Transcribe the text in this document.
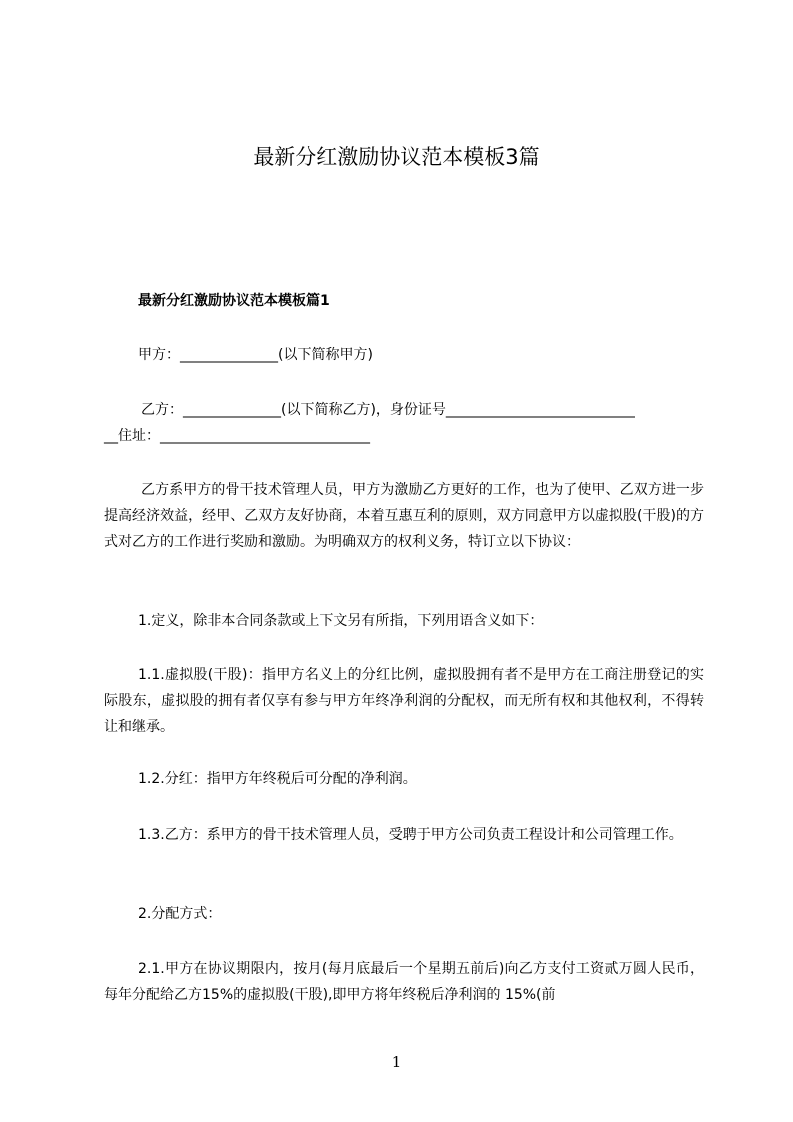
最新分红激励协议范本模板3篇
最新分红激励协议范本模板篇1
甲方：______________(以下简称甲方)
乙方：______________(以下简称乙方)，身份证号___________________________
__住址：______________________________
乙方系甲方的骨干技术管理人员，甲方为激励乙方更好的工作，也为了使甲、乙双方进一步提高经济效益，经甲、乙双方友好协商，本着互惠互利的原则，双方同意甲方以虚拟股(干股)的方式对乙方的工作进行奖励和激励。为明确双方的权利义务，特订立以下协议：
1.定义，除非本合同条款或上下文另有所指，下列用语含义如下：
1.1.虚拟股(干股)：指甲方名义上的分红比例，虚拟股拥有者不是甲方在工商注册登记的实际股东，虚拟股的拥有者仅享有参与甲方年终净利润的分配权，而无所有权和其他权利，不得转让和继承。
1.2.分红：指甲方年终税后可分配的净利润。
1.3.乙方：系甲方的骨干技术管理人员，受聘于甲方公司负责工程设计和公司管理工作。
2.分配方式：
2.1.甲方在协议期限内，按月(每月底最后一个星期五前后)向乙方支付工资贰万圆人民币，每年分配给乙方15%的虚拟股(干股),即甲方将年终税后净利润的 15%(前
1
